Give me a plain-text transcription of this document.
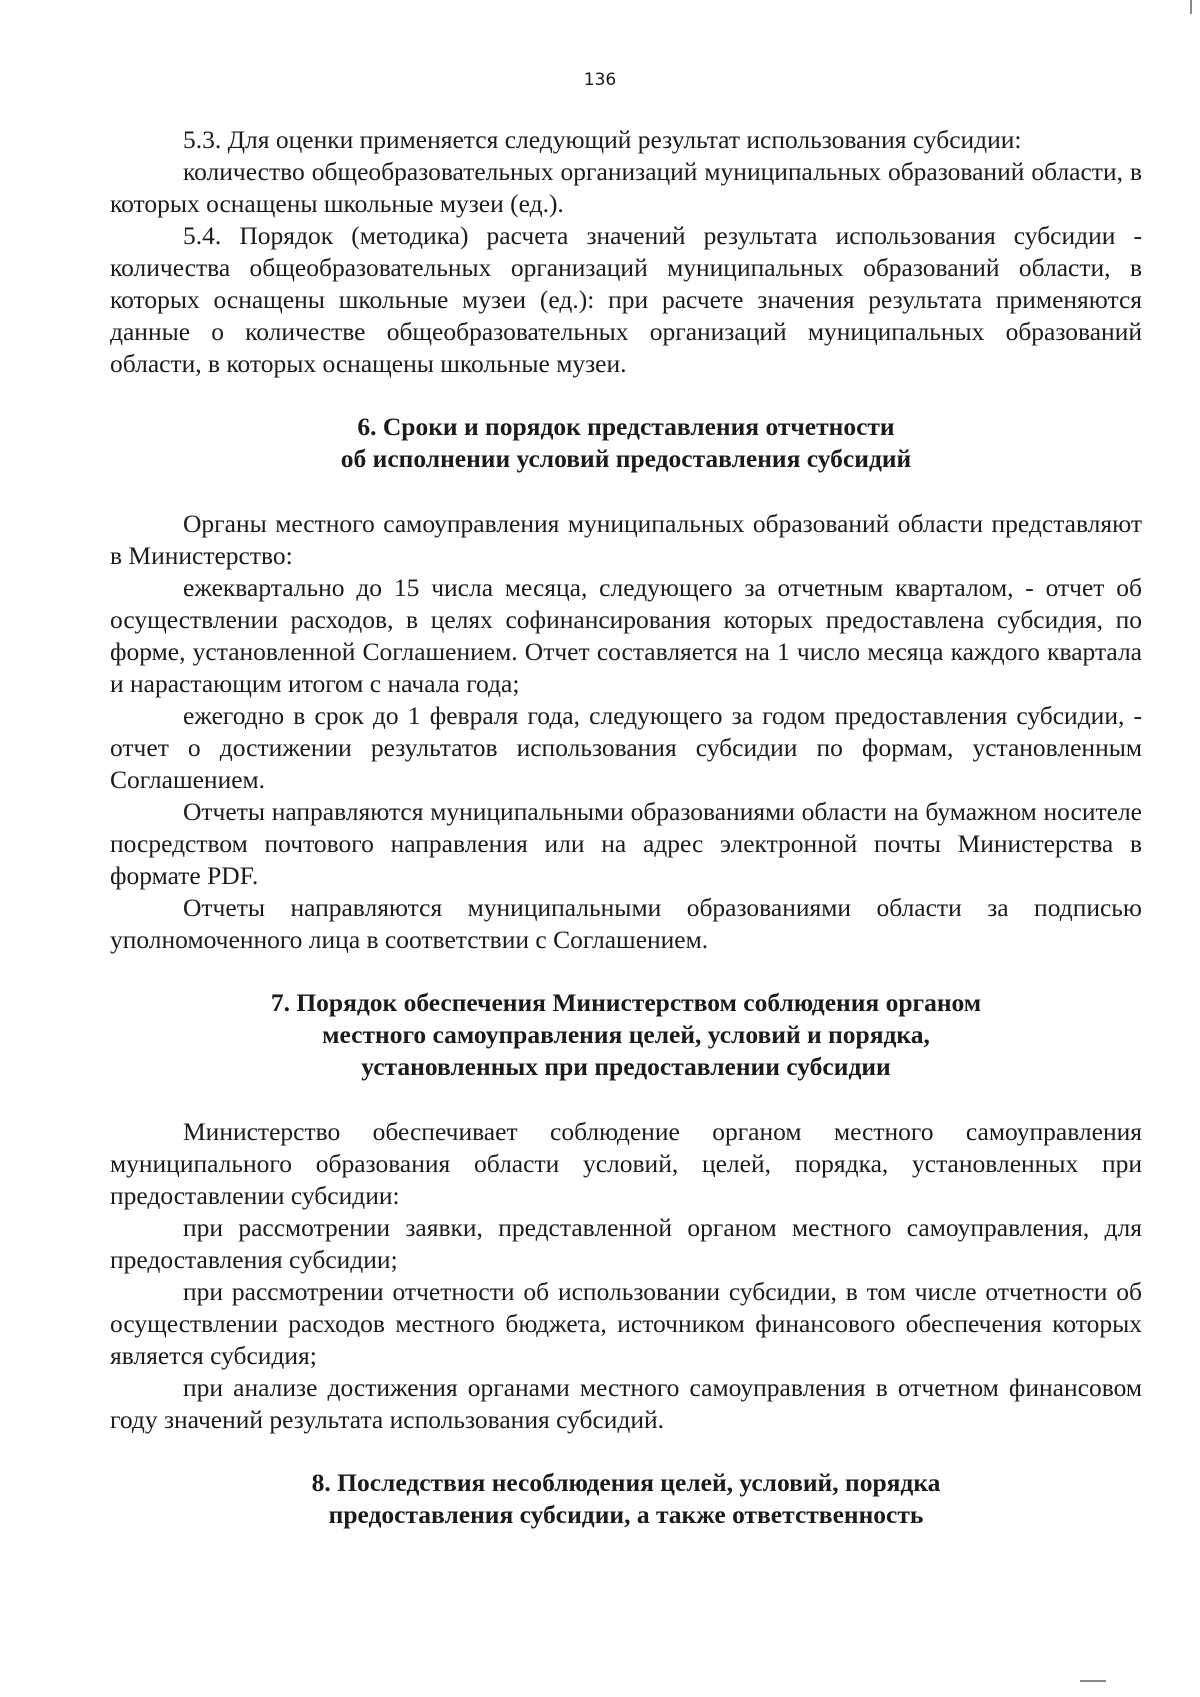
136

5.3. Для оценки применяется следующий результат использования субсидии:

количество общеобразовательных организаций муниципальных образований области, в которых оснащены школьные музеи (ед.).

5.4. Порядок (методика) расчета значений результата использования субсидии - количества общеобразовательных организаций муниципальных образований области, в которых оснащены школьные музеи (ед.): при расчете значения результата применяются данные о количестве общеобразовательных организаций муниципальных образований области, в которых оснащены школьные музеи.

6. Сроки и порядок представления отчетности
об исполнении условий предоставления субсидий

Органы местного самоуправления муниципальных образований области представляют в Министерство:

ежеквартально до 15 числа месяца, следующего за отчетным кварталом, - отчет об осуществлении расходов, в целях софинансирования которых предоставлена субсидия, по форме, установленной Соглашением. Отчет составляется на 1 число месяца каждого квартала и нарастающим итогом с начала года;

ежегодно в срок до 1 февраля года, следующего за годом предоставления субсидии, - отчет о достижении результатов использования субсидии по формам, установленным Соглашением.

Отчеты направляются муниципальными образованиями области на бумажном носителе посредством почтового направления или на адрес электронной почты Министерства в формате PDF.

Отчеты направляются муниципальными образованиями области за подписью уполномоченного лица в соответствии с Соглашением.

7. Порядок обеспечения Министерством соблюдения органом
местного самоуправления целей, условий и порядка,
установленных при предоставлении субсидии

Министерство обеспечивает соблюдение органом местного самоуправления муниципального образования области условий, целей, порядка, установленных при предоставлении субсидии:

при рассмотрении заявки, представленной органом местного самоуправления, для предоставления субсидии;

при рассмотрении отчетности об использовании субсидии, в том числе отчетности об осуществлении расходов местного бюджета, источником финансового обеспечения которых является субсидия;

при анализе достижения органами местного самоуправления в отчетном финансовом году значений результата использования субсидий.

8. Последствия несоблюдения целей, условий, порядка
предоставления субсидии, а также ответственность
